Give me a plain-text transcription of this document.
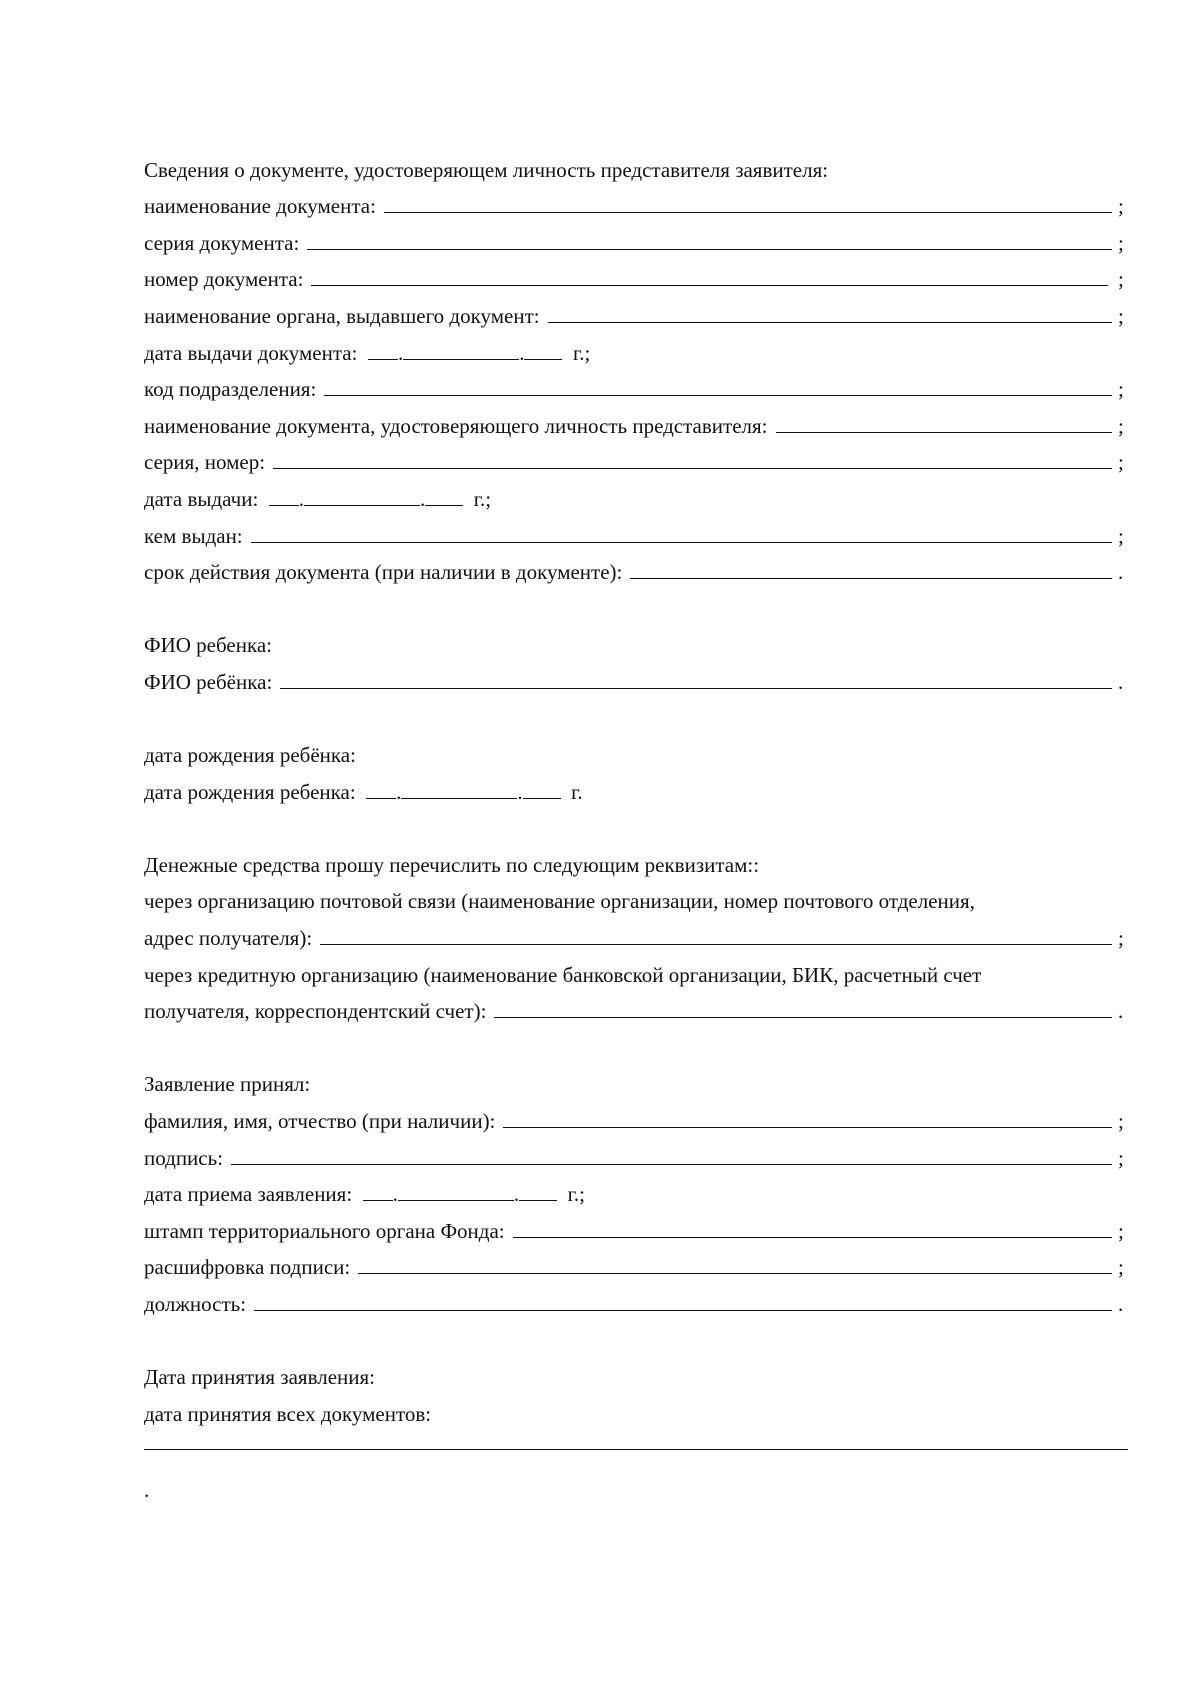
Сведения о документе, удостоверяющем личность представителя заявителя:
наименование документа:	;
серия документа:	;
номер документа:	;
наименование органа, выдавшего документ:	;
дата выдачи документа:
.	.
г.;
код подразделения:	;
наименование документа, удостоверяющего личность представителя:	;
серия, номер:	;
дата выдачи:
.	.
г.;
кем выдан:	;
срок действия документа (при наличии в документе):	.
ФИО ребенка:
ФИО ребёнка:	.
дата рождения ребёнка:
дата рождения ребенка:
.	.
г.
Денежные средства прошу перечислить по следующим реквизитам::
через организацию почтовой связи (наименование организации, номер почтового отделения,
адрес получателя):	;
через кредитную организацию (наименование банковской организации, БИК, расчетный счет
получателя, корреспондентский счет):	.
Заявление принял:
фамилия, имя, отчество (при наличии):	;
подпись:	;
дата приема заявления:
.	.
г.;
штамп территориального органа Фонда:	;
расшифровка подписи:	;
должность:	.
Дата принятия заявления:
дата принятия всех документов:
.
